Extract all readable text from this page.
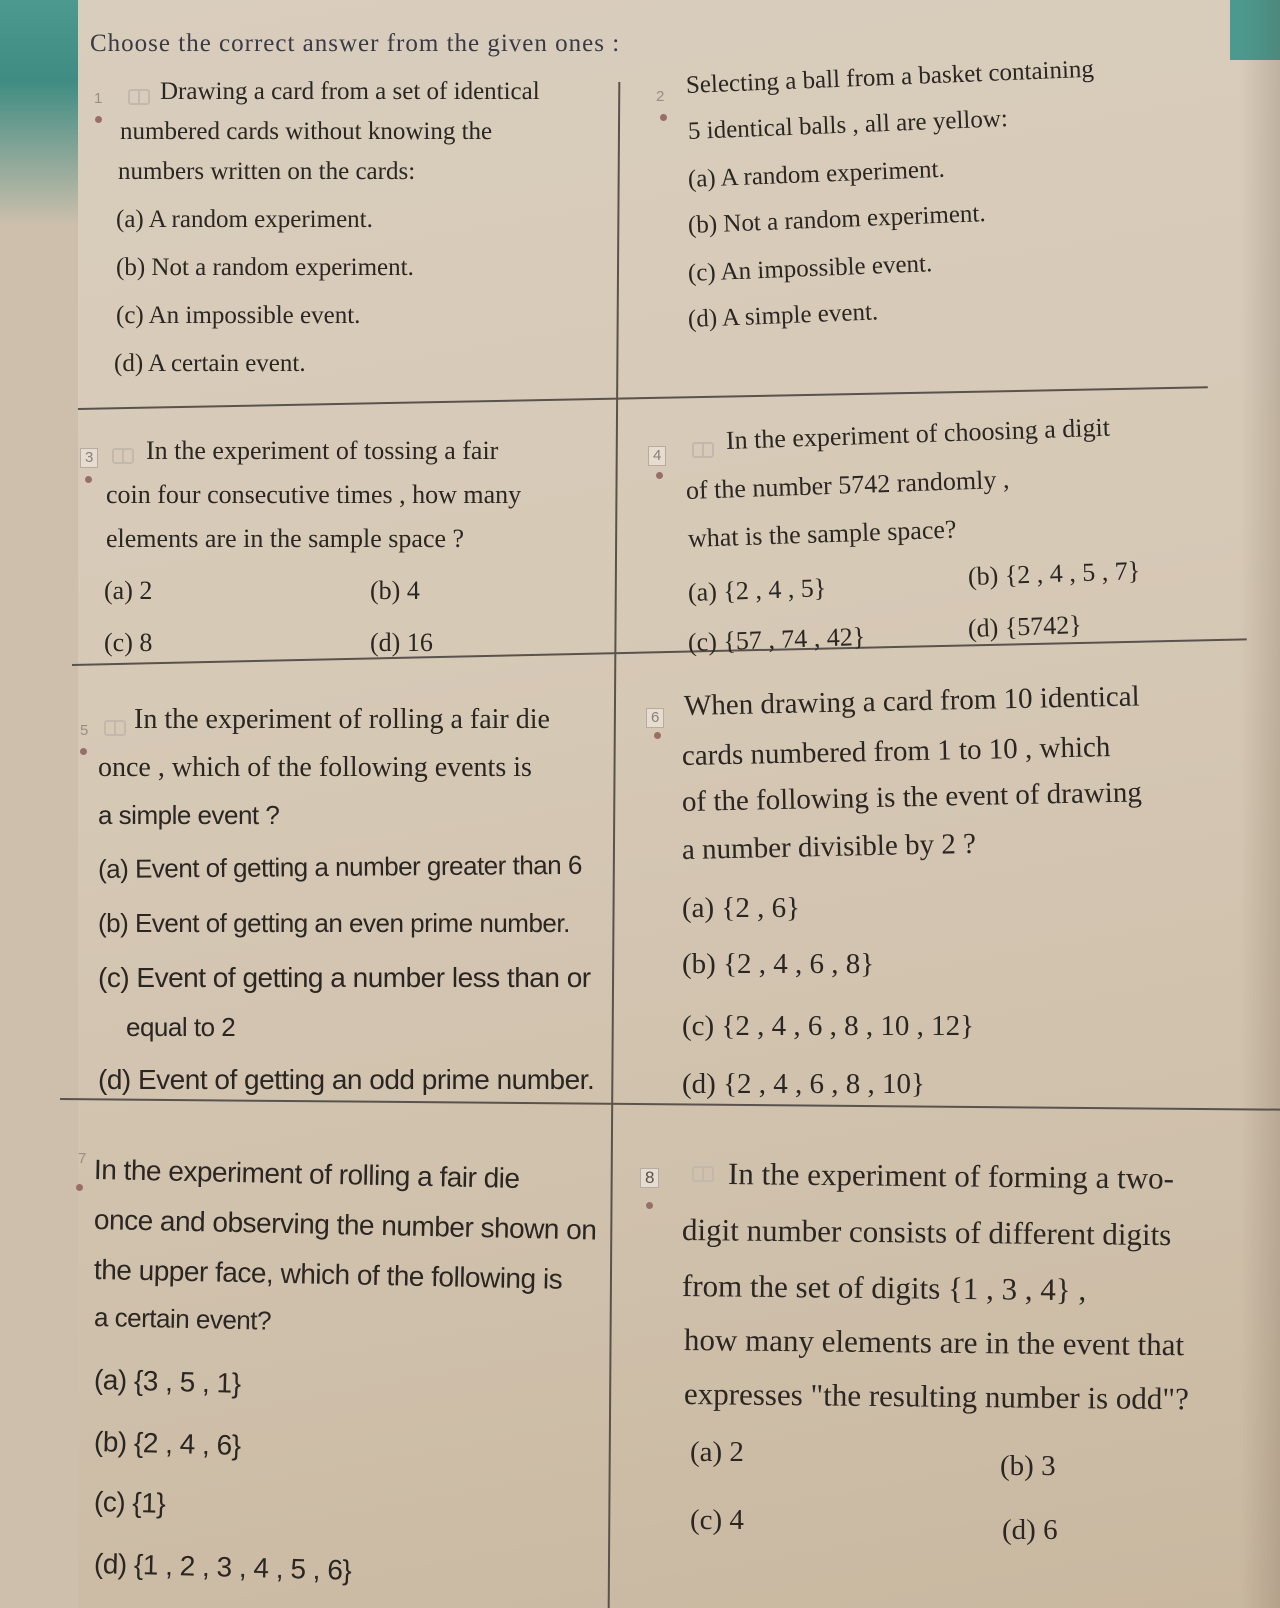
Choose the correct answer from the given ones :
1 Drawing a card from a set of identical
numbered cards without knowing the
numbers written on the cards:
(a) A random experiment.
(b) Not a random experiment.
(c) An impossible event.
(d) A certain event.
2 Selecting a ball from a basket containing
5 identical balls , all are yellow:
(a) A random experiment.
(b) Not a random experiment.
(c) An impossible event.
(d) A simple event.
3 In the experiment of tossing a fair
coin four consecutive times , how many
elements are in the sample space ?
(a) 2	(b) 4
(c) 8	(d) 16
4
In the experiment of choosing a digit
of the number 5742 randomly ,
what is the sample space?
(a) {2 , 4 , 5}	(b) {2 , 4 , 5 , 7}
(c) {57 , 74 , 42}	(d) {5742}
5 In the experiment of rolling a fair die
once , which of the following events is
a simple event ?
(a) Event of getting a number greater than 6
(b) Event of getting an even prime number.
(c) Event of getting a number less than or
equal to 2
(d) Event of getting an odd prime number.
6 When drawing a card from 10 identical
cards numbered from 1 to 10 , which
of the following is the event of drawing
a number divisible by 2 ?
(a) {2 , 6}
(b) {2 , 4 , 6 , 8}
(c) {2 , 4 , 6 , 8 , 10 , 12}
(d) {2 , 4 , 6 , 8 , 10}
7 In the experiment of rolling a fair die
once and observing the number shown on
the upper face, which of the following is
a certain event?
(a) {3 , 5 , 1}
(b) {2 , 4 , 6}
(c) {1}
(d) {1 , 2 , 3 , 4 , 5 , 6}
8 In the experiment of forming a two-
digit number consists of different digits
from the set of digits {1 , 3 , 4} ,
how many elements are in the event that
expresses "the resulting number is odd"?
(a) 2	(b) 3
(c) 4	(d) 6
